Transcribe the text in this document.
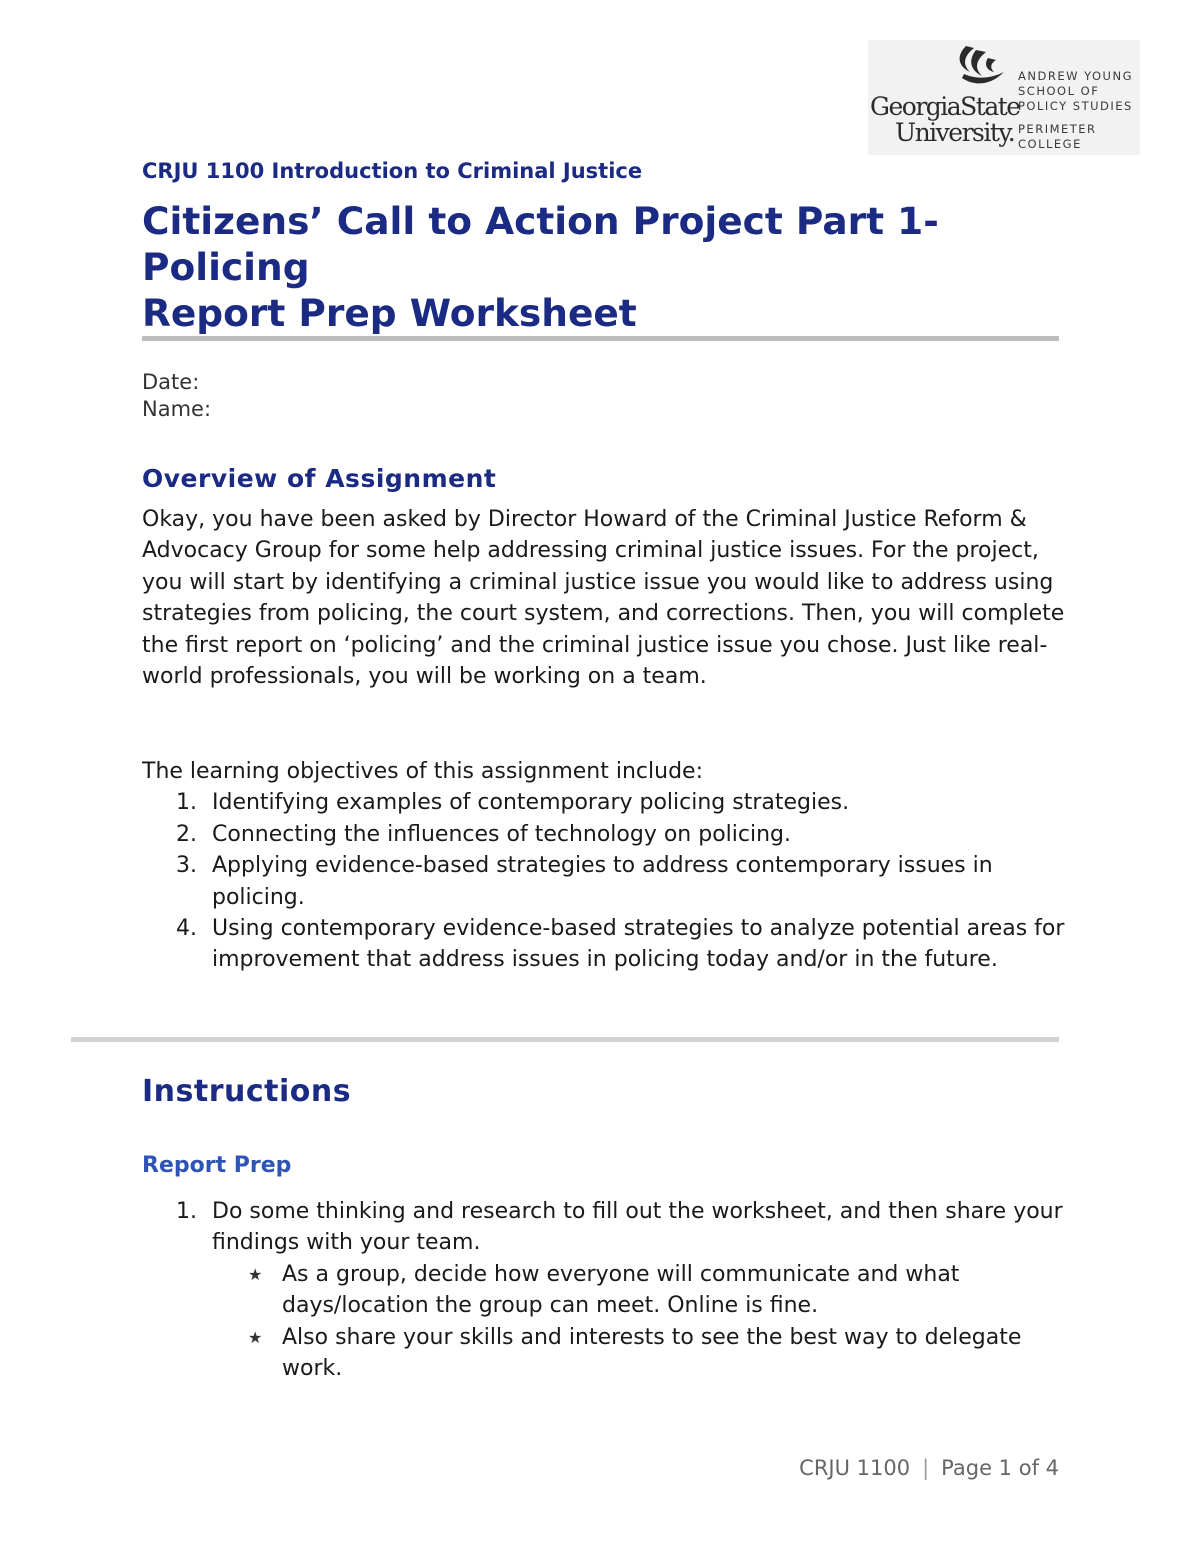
GeorgiaState
University.
ANDREW YOUNG
SCHOOL OF
POLICY STUDIES
PERIMETER
COLLEGE
CRJU 1100 Introduction to Criminal Justice
Citizens’ Call to Action Project Part 1-
Policing
Report Prep Worksheet
Date:
Name:
Overview of Assignment
Okay, you have been asked by Director Howard of the Criminal Justice Reform & Advocacy Group for some help addressing criminal justice issues. For the project, you will start by identifying a criminal justice issue you would like to address using strategies from policing, the court system, and corrections. Then, you will complete the first report on ‘policing’ and the criminal justice issue you chose. Just like real-world professionals, you will be working on a team.
The learning objectives of this assignment include:
1. Identifying examples of contemporary policing strategies.
2. Connecting the influences of technology on policing.
3. Applying evidence-based strategies to address contemporary issues in policing.
4. Using contemporary evidence-based strategies to analyze potential areas for improvement that address issues in policing today and/or in the future.
Instructions
Report Prep
1. Do some thinking and research to fill out the worksheet, and then share your findings with your team.
★ As a group, decide how everyone will communicate and what days/location the group can meet. Online is fine.
★ Also share your skills and interests to see the best way to delegate work.
CRJU 1100 | Page 1 of 4
